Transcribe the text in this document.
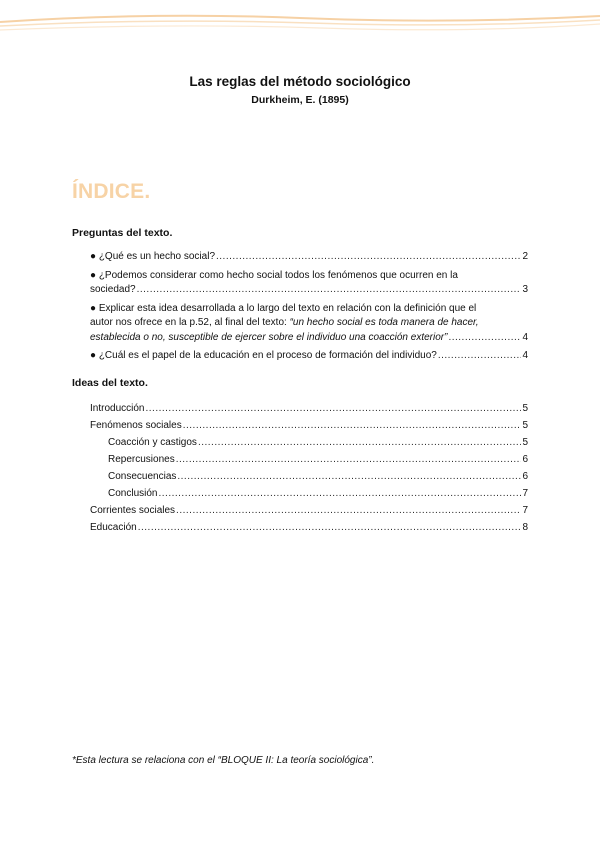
Las reglas del método sociológico
Durkheim, E. (1895)
ÍNDICE.
Preguntas del texto.
● ¿Qué es un hecho social? .....	2
● ¿Podemos considerar como hecho social todos los fenómenos que ocurren en la
sociedad? .....	3
● Explicar esta idea desarrollada a lo largo del texto en relación con la definición que el
autor nos ofrece en la p.52, al final del texto: “un hecho social es toda manera de hacer,
establecida o no, susceptible de ejercer sobre el individuo una coacción exterior” .....	4
● ¿Cuál es el papel de la educación en el proceso de formación del individuo? .....	4
Ideas del texto.
Introducción .....	5
Fenómenos sociales .....	5
Coacción y castigos .....	5
Repercusiones .....	6
Consecuencias .....	6
Conclusión .....	7
Corrientes sociales .....	7
Educación .....	8
*Esta lectura se relaciona con el “BLOQUE II: La teoría sociológica”.
